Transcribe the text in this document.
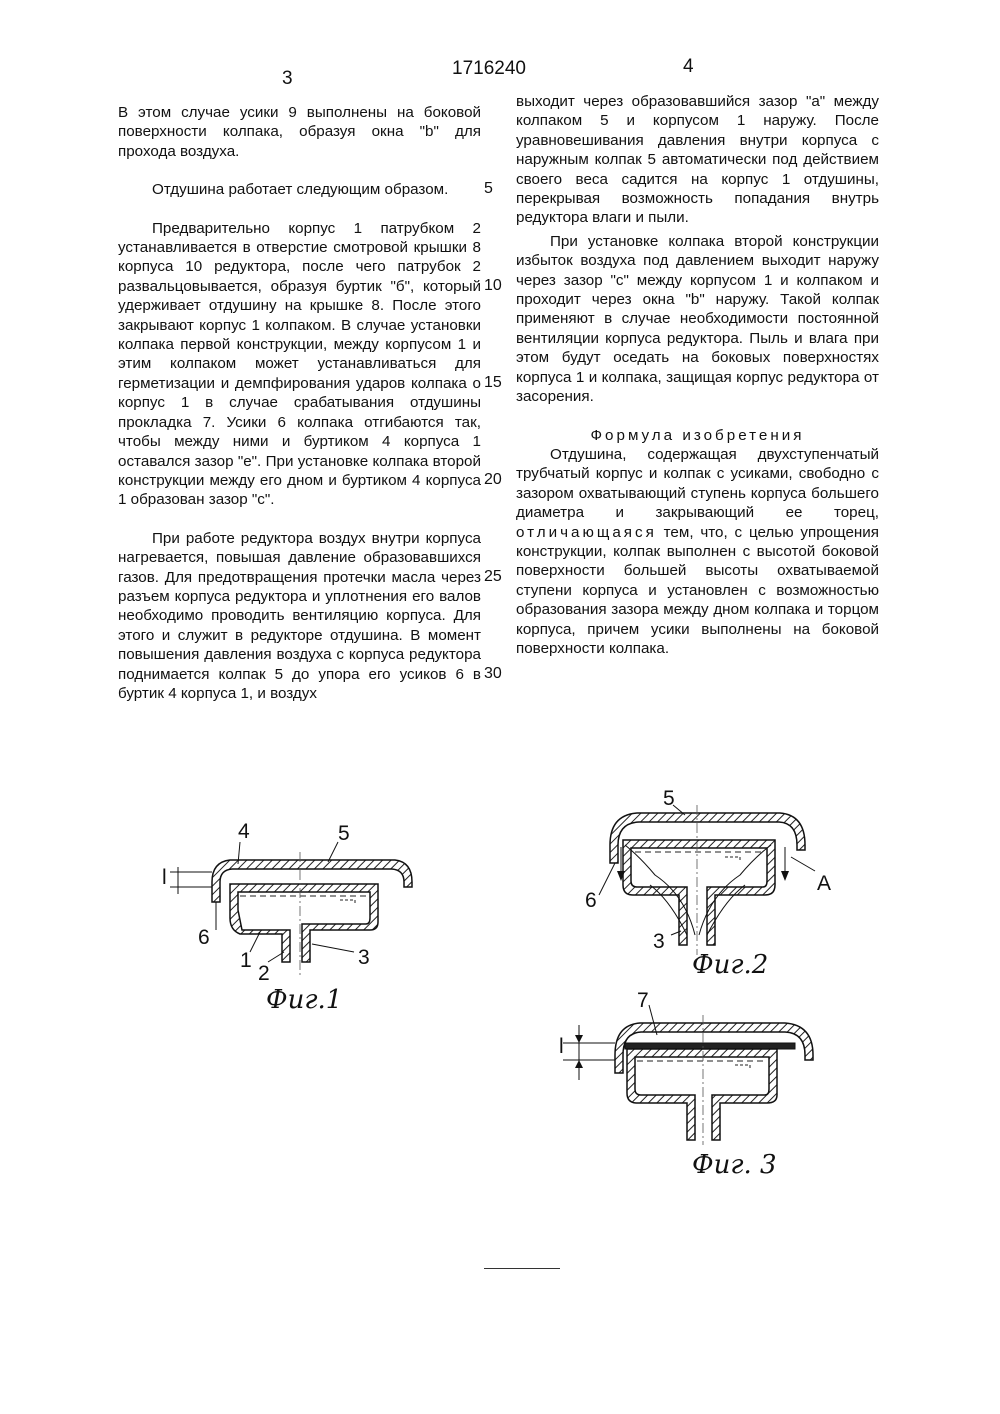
3	1716240	4

В этом случае усики 9 выполнены на боковой поверхности колпака, образуя окна "b" для прохода воздуха.

Отдушина работает следующим образом.

Предварительно корпус 1 патрубком 2 устанавливается в отверстие смотровой крышки 8 корпуса 10 редуктора, после чего патрубок 2 развальцовывается, образуя буртик "б", который удерживает отдушину на крышке 8. После этого закрывают корпус 1 колпаком. В случае установки колпака первой конструкции, между корпусом 1 и этим колпаком может устанавливаться для герметизации и демпфирования ударов колпака о корпус 1 в случае срабатывания отдушины прокладка 7. Усики 6 колпака отгибаются так, чтобы между ними и буртиком 4 корпуса 1 оставался зазор "е". При установке колпака второй конструкции между его дном и буртиком 4 корпуса 1 образован зазор "с".

При работе редуктора воздух внутри корпуса нагревается, повышая давление образовавшихся газов. Для предотвращения протечки масла через разъем корпуса редуктора и уплотнения его валов необходимо проводить вентиляцию корпуса. Для этого и служит в редукторе отдушина. В момент повышения давления воздуха с корпуса редуктора поднимается колпак 5 до упора его усиков 6 в буртик 4 корпуса 1, и воздух

5
10
15
20
25
30

выходит через образовавшийся зазор "а" между колпаком 5 и корпусом 1 наружу. После уравновешивания давления внутри корпуса с наружным колпак 5 автоматически под действием своего веса садится на корпус 1 отдушины, перекрывая возможность попадания внутрь редуктора влаги и пыли.

При установке колпака второй конструкции избыток воздуха под давлением выходит наружу через зазор "с" между корпусом 1 и колпаком и проходит через окна "b" наружу. Такой колпак применяют в случае необходимости постоянной вентиляции корпуса редуктора. Пыль и влага при этом будут оседать на боковых поверхностях корпуса 1 и колпака, защищая корпус редуктора от засорения.

Формула изобретения

Отдушина, содержащая двухступенчатый трубчатый корпус и колпак с усиками, свободно с зазором охватывающий ступень корпуса большего диаметра и закрывающий ее торец, отличающаяся тем, что, с целью упрощения конструкции, колпак выполнен с высотой боковой поверхности большей высоты охватываемой ступени корпуса и установлен с возможностью образования зазора между дном колпака и торцом корпуса, причем усики выполнены на боковой поверхности колпака.

4	5
l
6
1
2
3
Фиг.1
5
6
A
3
Фиг.2
7
l
Фиг. 3
